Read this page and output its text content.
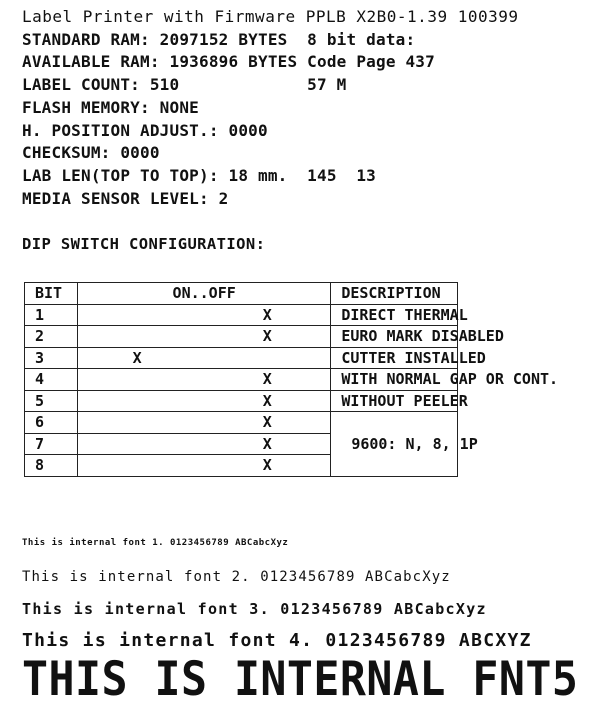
Label Printer with Firmware PPLB X2B0-1.39 100399
STANDARD RAM: 2097152 BYTES  8 bit data:
AVAILABLE RAM: 1936896 BYTES Code Page 437
LABEL COUNT: 510             57 M
FLASH MEMORY: NONE
H. POSITION ADJUST.: 0000
CHECKSUM: 0000
LAB LEN(TOP TO TOP): 18 mm.  145  13
MEDIA SENSOR LEVEL: 2
DIP SWITCH CONFIGURATION:
BIT	ON..OFF		DESCRIPTION
1		X	DIRECT THERMAL
2		X	EURO MARK DISABLED
3	X		CUTTER INSTALLED
4		X	WITH NORMAL GAP OR CONT.
5		X	WITHOUT PEELER
6		X	9600: N, 8, 1P
7		X	
8		X	
This is internal font 1. 0123456789 ABCabcXyz
This is internal font 2. 0123456789 ABCabcXyz
This is internal font 3. 0123456789 ABCabcXyz
This is internal font 4. 0123456789 ABCXYZ
THIS IS INTERNAL FNT5
